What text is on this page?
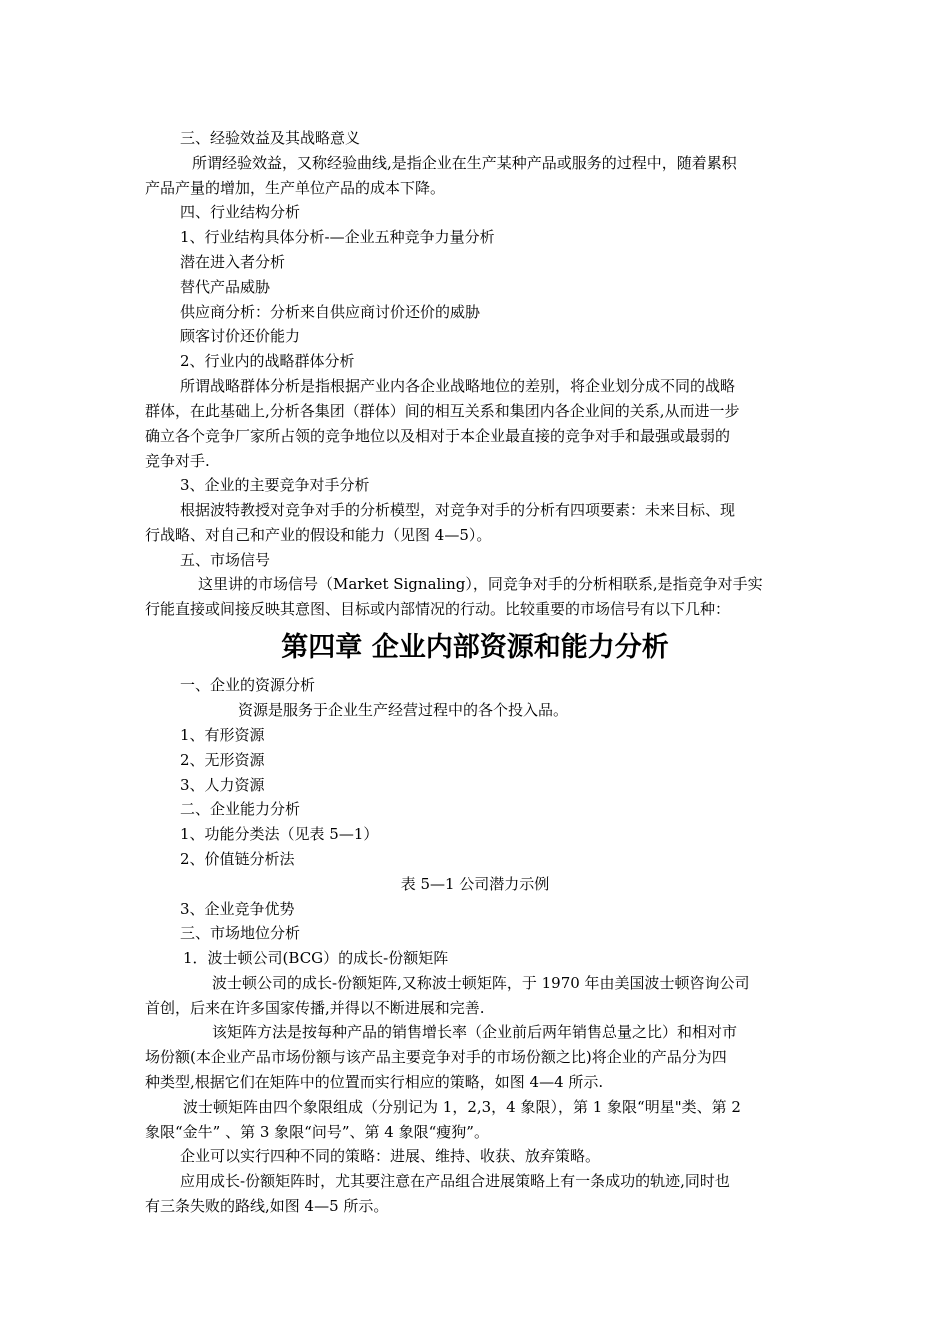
三、经验效益及其战略意义
所谓经验效益，又称经验曲线,是指企业在生产某种产品或服务的过程中，随着累积
产品产量的增加，生产单位产品的成本下降。
四、行业结构分析
1、行业结构具体分析-—企业五种竞争力量分析
潜在进入者分析
替代产品威胁
供应商分析：分析来自供应商讨价还价的威胁
顾客讨价还价能力
2、行业内的战略群体分析
所谓战略群体分析是指根据产业内各企业战略地位的差别，将企业划分成不同的战略
群体，在此基础上,分析各集团（群体）间的相互关系和集团内各企业间的关系,从而进一步
确立各个竞争厂家所占领的竞争地位以及相对于本企业最直接的竞争对手和最强或最弱的
竞争对手.
3、企业的主要竞争对手分析
根据波特教授对竞争对手的分析模型，对竞争对手的分析有四项要素：未来目标、现
行战略、对自己和产业的假设和能力（见图 4—5）。
五、市场信号
这里讲的市场信号（Market Signaling），同竞争对手的分析相联系,是指竞争对手实
行能直接或间接反映其意图、目标或内部情况的行动。比较重要的市场信号有以下几种：
第四章 企业内部资源和能力分析
一、企业的资源分析
资源是服务于企业生产经营过程中的各个投入品。
1、有形资源
2、无形资源
3、人力资源
二、企业能力分析
1、功能分类法（见表 5—1）
2、价值链分析法
表 5—1 公司潜力示例
3、企业竞争优势
三、市场地位分析
1．波士顿公司(BCG）的成长-份额矩阵
波士顿公司的成长-份额矩阵,又称波士顿矩阵，于 1970 年由美国波士顿咨询公司
首创，后来在许多国家传播,并得以不断进展和完善.
该矩阵方法是按每种产品的销售增长率（企业前后两年销售总量之比）和相对市
场份额(本企业产品市场份额与该产品主要竞争对手的市场份额之比)将企业的产品分为四
种类型,根据它们在矩阵中的位置而实行相应的策略，如图 4—4 所示.
波士顿矩阵由四个象限组成（分别记为 1，2,3，4 象限），第 1 象限“明星"类、第 2
象限“金牛” 、第 3 象限“问号”、第 4 象限“瘦狗”。
企业可以实行四种不同的策略：进展、维持、收获、放弃策略。
应用成长-份额矩阵时，尤其要注意在产品组合进展策略上有一条成功的轨迹,同时也
有三条失败的路线,如图 4—5 所示。
